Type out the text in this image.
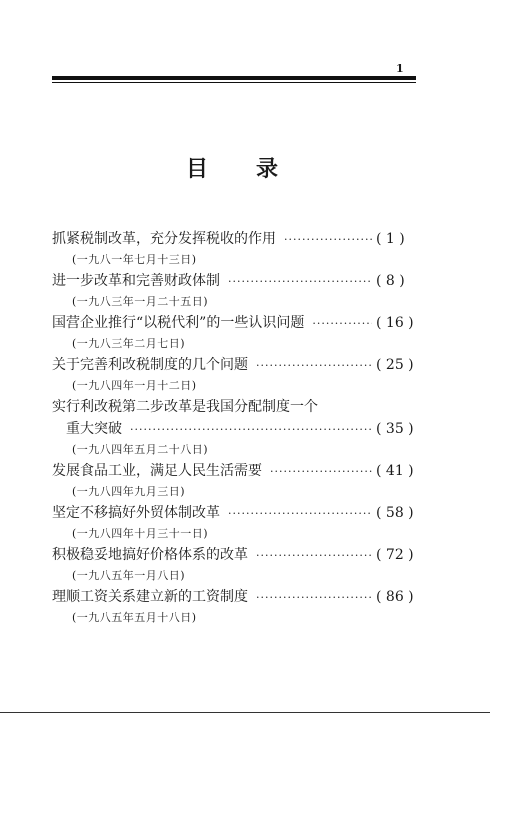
1
目 录
抓紧税制改革，充分发挥税收的作用 ·····	( 1 )
(一九八一年七月十三日)
进一步改革和完善财政体制 ·····	( 8 )
(一九八三年一月二十五日)
国营企业推行“以税代利”的一些认识问题 ·····	( 16 )
(一九八三年二月七日)
关于完善利改税制度的几个问题 ·····	( 25 )
(一九八四年一月十二日)
实行利改税第二步改革是我国分配制度一个
重大突破 ·····	( 35 )
(一九八四年五月二十八日)
发展食品工业，满足人民生活需要 ·····	( 41 )
(一九八四年九月三日)
坚定不移搞好外贸体制改革 ·····	( 58 )
(一九八四年十月三十一日)
积极稳妥地搞好价格体系的改革 ·····	( 72 )
(一九八五年一月八日)
理顺工资关系建立新的工资制度 ·····	( 86 )
(一九八五年五月十八日)
